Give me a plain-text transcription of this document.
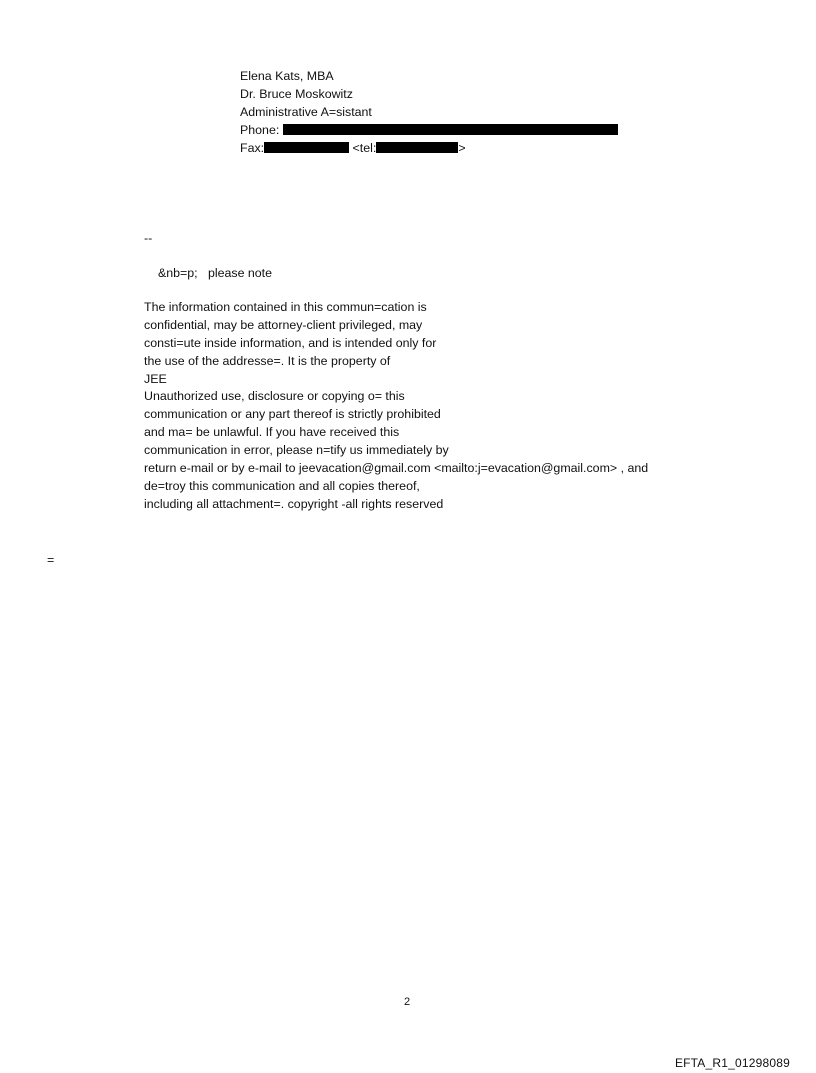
Elena Kats, MBA
Dr. Bruce Moskowitz
Administrative A=sistant
Phone:
Fax:	<tel:	>
--
&nb=p;   please note
The information contained in this commun=cation is
confidential, may be attorney-client privileged, may
consti=ute inside information, and is intended only for
the use of the addresse=. It is the property of
JEE
Unauthorized use, disclosure or copying o= this
communication or any part thereof is strictly prohibited
and ma= be unlawful. If you have received this
communication in error, please n=tify us immediately by
return e-mail or by e-mail to jeevacation@gmail.com <mailto:j=evacation@gmail.com> , and
de=troy this communication and all copies thereof,
including all attachment=. copyright -all rights reserved
=
2
EFTA_R1_01298089
